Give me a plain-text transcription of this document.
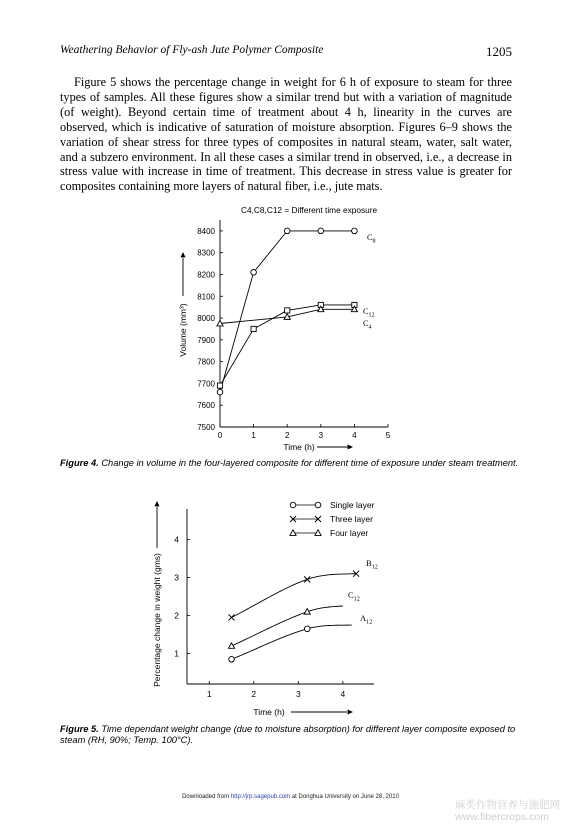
Weathering Behavior of Fly-ash Jute Polymer Composite	1205

Figure 5 shows the percentage change in weight for 6 h of exposure to steam for three types of samples. All these figures show a similar trend but with a variation of magnitude (of weight). Beyond certain time of treatment about 4 h, linearity in the curves are observed, which is indicative of saturation of moisture absorption. Figures 6–9 shows the variation of shear stress for three types of composites in natural steam, water, salt water, and a subzero environment. In all these cases a similar trend in observed, i.e., a decrease in stress value with increase in time of treatment. This decrease in stress value is greater for composites containing more layers of natural fiber, i.e., jute mats.

7500
7600
7700
7800
7900
8000
8100
8200
8300
8400
0	1	2	3	4	5
Time (h)
Volume (mm³)
$C_8$
$C_{12}$
$C_4$
C4,C8,C12 = Different time exposure
1
2
3
4
1	2	3	4
Time (h)
Percentage change in weight (gms)	$B_{12}$
$C_{12}$
$A_{12}$
Single layer
Three layer
Four layer

Figure 4. Change in volume in the four-layered composite for different time of exposure under steam treatment.

Figure 5. Time dependant weight change (due to moisture absorption) for different layer composite exposed to steam (RH, 90%; Temp. 100°C).

Downloaded from http://jrp.sagepub.com at Donghua University on June 28, 2010
麻类作物营养与施肥网
www.fibercrops.com
